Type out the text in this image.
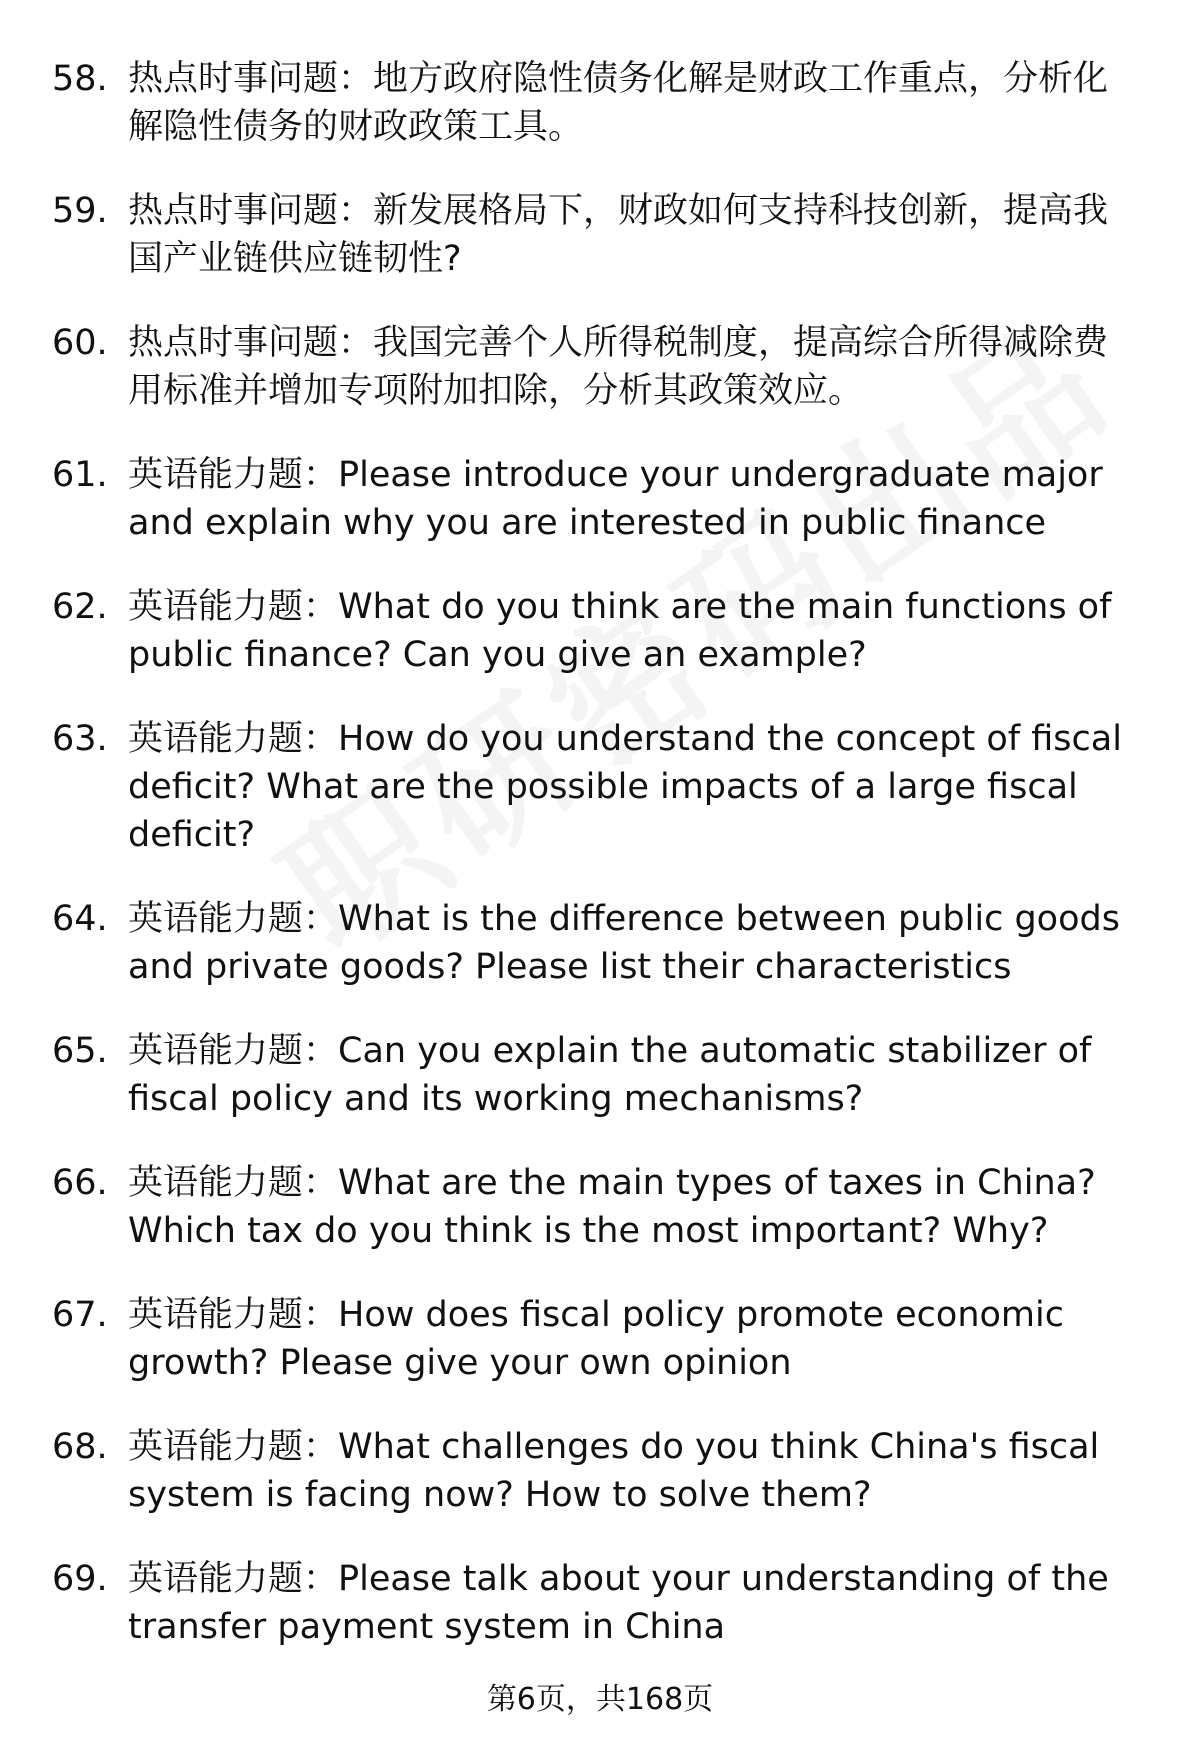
58. 热点时事问题：地方政府隐性债务化解是财政工作重点，分析化解隐性债务的财政政策工具。
59. 热点时事问题：新发展格局下，财政如何支持科技创新，提高我国产业链供应链韧性?
60. 热点时事问题：我国完善个人所得税制度，提高综合所得减除费用标准并增加专项附加扣除，分析其政策效应。
61. 英语能力题：Please introduce your undergraduate major and explain why you are interested in public finance
62. 英语能力题：What do you think are the main functions of public finance? Can you give an example?
63. 英语能力题：How do you understand the concept of fiscal deficit? What are the possible impacts of a large fiscal deficit?
64. 英语能力题：What is the difference between public goods and private goods? Please list their characteristics
65. 英语能力题：Can you explain the automatic stabilizer of fiscal policy and its working mechanisms?
66. 英语能力题：What are the main types of taxes in China? Which tax do you think is the most important? Why?
67. 英语能力题：How does fiscal policy promote economic growth? Please give your own opinion
68. 英语能力题：What challenges do you think China's fiscal system is facing now? How to solve them?
69. 英语能力题：Please talk about your understanding of the transfer payment system in China
第6页，共168页
